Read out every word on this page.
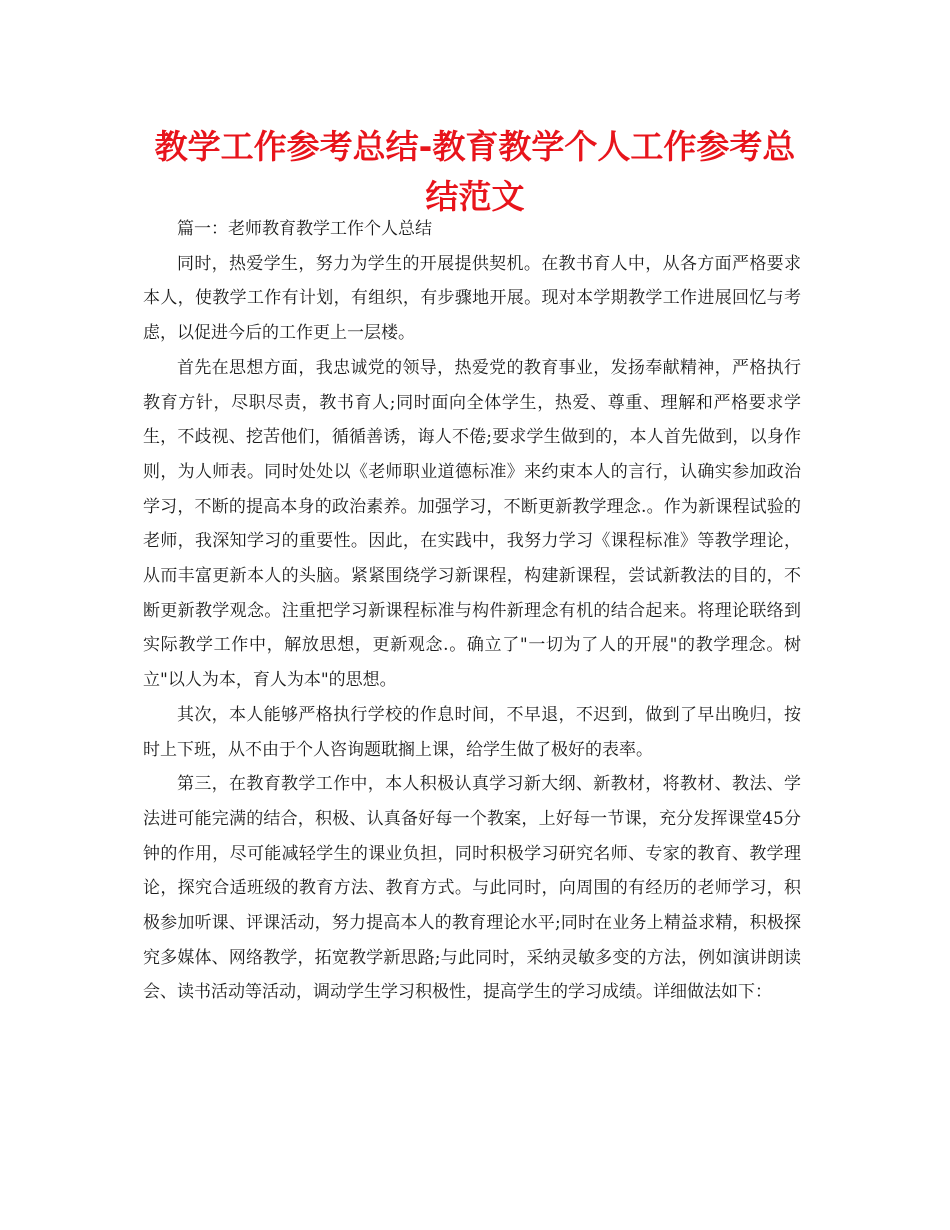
教学工作参考总结-教育教学个人工作参考总结范文

篇一：老师教育教学工作个人总结

同时，热爱学生，努力为学生的开展提供契机。在教书育人中，从各方面严格要求本人，使教学工作有计划，有组织，有步骤地开展。现对本学期教学工作进展回忆与考虑，以促进今后的工作更上一层楼。

首先在思想方面，我忠诚党的领导，热爱党的教育事业，发扬奉献精神，严格执行教育方针，尽职尽责，教书育人;同时面向全体学生，热爱、尊重、理解和严格要求学生，不歧视、挖苦他们，循循善诱，诲人不倦;要求学生做到的，本人首先做到，以身作则，为人师表。同时处处以《老师职业道德标准》来约束本人的言行，认确实参加政治学习，不断的提高本身的政治素养。加强学习，不断更新教学理念.。作为新课程试验的老师，我深知学习的重要性。因此，在实践中，我努力学习《课程标准》等教学理论，从而丰富更新本人的头脑。紧紧围绕学习新课程，构建新课程，尝试新教法的目的，不断更新教学观念。注重把学习新课程标准与构件新理念有机的结合起来。将理论联络到实际教学工作中，解放思想，更新观念.。确立了"一切为了人的开展"的教学理念。树立"以人为本，育人为本"的思想。

其次，本人能够严格执行学校的作息时间，不早退，不迟到，做到了早出晚归，按时上下班，从不由于个人咨询题耽搁上课，给学生做了极好的表率。

第三，在教育教学工作中，本人积极认真学习新大纲、新教材，将教材、教法、学法进可能完满的结合，积极、认真备好每一个教案，上好每一节课，充分发挥课堂45分钟的作用，尽可能减轻学生的课业负担，同时积极学习研究名师、专家的教育、教学理论，探究合适班级的教育方法、教育方式。与此同时，向周围的有经历的老师学习，积极参加听课、评课活动，努力提高本人的教育理论水平;同时在业务上精益求精，积极探究多媒体、网络教学，拓宽教学新思路;与此同时，采纳灵敏多变的方法，例如演讲朗读会、读书活动等活动，调动学生学习积极性，提高学生的学习成绩。详细做法如下：
